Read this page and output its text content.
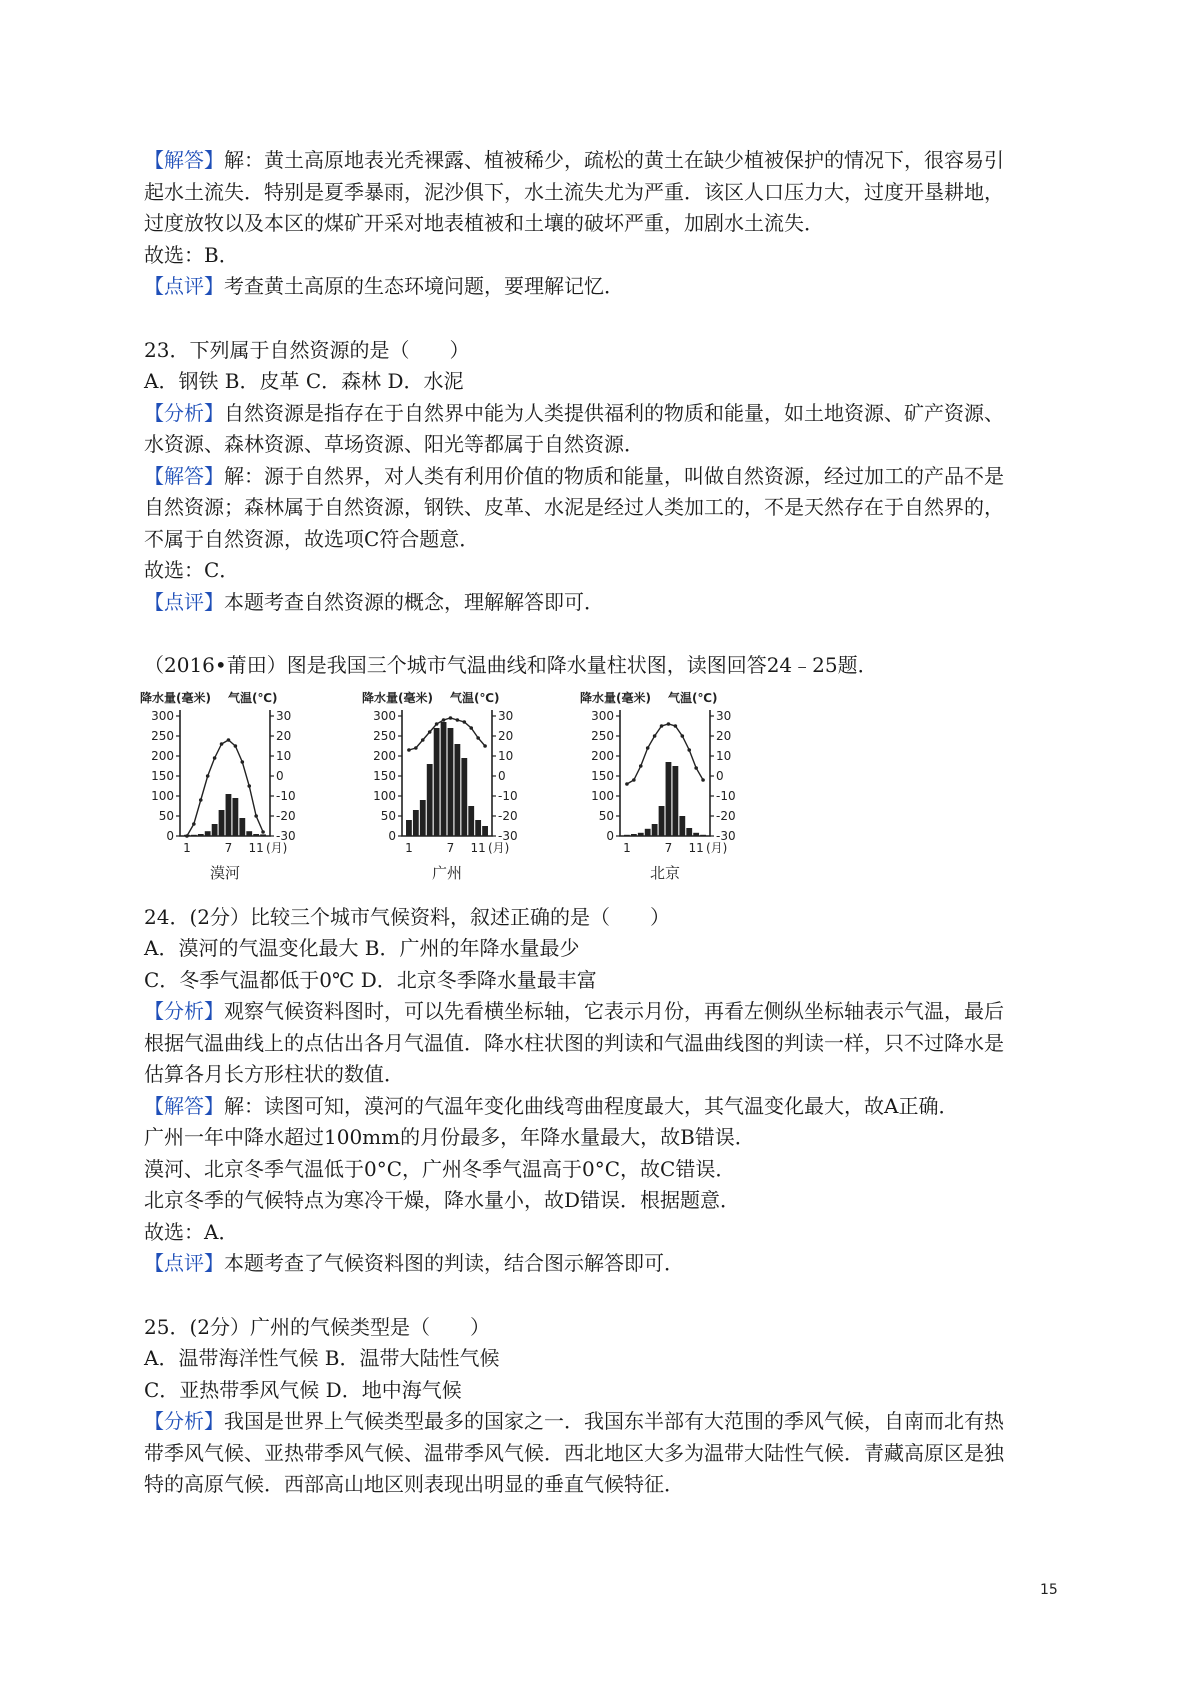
【解答】解：黄土高原地表光秃裸露、植被稀少，疏松的黄土在缺少植被保护的情况下，很容易引
起水土流失．特别是夏季暴雨，泥沙俱下，水土流失尤为严重．该区人口压力大，过度开垦耕地，
过度放牧以及本区的煤矿开采对地表植被和土壤的破坏严重，加剧水土流失．
故选：B．
【点评】考查黄土高原的生态环境问题，要理解记忆．
23．下列属于自然资源的是（　　）
A．钢铁 B．皮革 C．森林 D．水泥
【分析】自然资源是指存在于自然界中能为人类提供福利的物质和能量，如土地资源、矿产资源、
水资源、森林资源、草场资源、阳光等都属于自然资源．
【解答】解：源于自然界，对人类有利用价值的物质和能量，叫做自然资源，经过加工的产品不是
自然资源；森林属于自然资源，钢铁、皮革、水泥是经过人类加工的，不是天然存在于自然界的，
不属于自然资源，故选项C符合题意．
故选：C．
【点评】本题考查自然资源的概念，理解解答即可．
（2016•莆田）图是我国三个城市气温曲线和降水量柱状图，读图回答24﹣25题．
24．(2分）比较三个城市气候资料，叙述正确的是（　　）
A．漠河的气温变化最大 B．广州的年降水量最少
C．冬季气温都低于0℃ D．北京冬季降水量最丰富
【分析】观察气候资料图时，可以先看横坐标轴，它表示月份，再看左侧纵坐标轴表示气温，最后
根据气温曲线上的点估出各月气温值．降水柱状图的判读和气温曲线图的判读一样，只不过降水是
估算各月长方形柱状的数值．
【解答】解：读图可知，漠河的气温年变化曲线弯曲程度最大，其气温变化最大，故A正确．
广州一年中降水超过100mm的月份最多，年降水量最大，故B错误．
漠河、北京冬季气温低于0°C，广州冬季气温高于0°C，故C错误．
北京冬季的气候特点为寒冷干燥，降水量小，故D错误．根据题意．
故选：A．
【点评】本题考查了气候资料图的判读，结合图示解答即可．
25．(2分）广州的气候类型是（　　）
A．温带海洋性气候 B．温带大陆性气候
C．亚热带季风气候 D．地中海气候
【分析】我国是世界上气候类型最多的国家之一．我国东半部有大范围的季风气候，自南而北有热
带季风气候、亚热带季风气候、温带季风气候．西北地区大多为温带大陆性气候．青藏高原区是独
特的高原气候．西部高山地区则表现出明显的垂直气候特征．
降水量(毫米) 气温(℃)
0
50
100
150
200
250
300	30
20
10
0
-10
-20
-30
1	7 11 (月)
漠河
降水量(毫米) 气温(℃)
0
50
100
150
200
250
300	30
20
10
0
-10
-20
-30
1	7 11 (月)
广州
降水量(毫米) 气温(℃)
0
50
100
150
200
250
300	30
20
10
0
-10
-20
-30
1	7 11 (月)
北京
15
